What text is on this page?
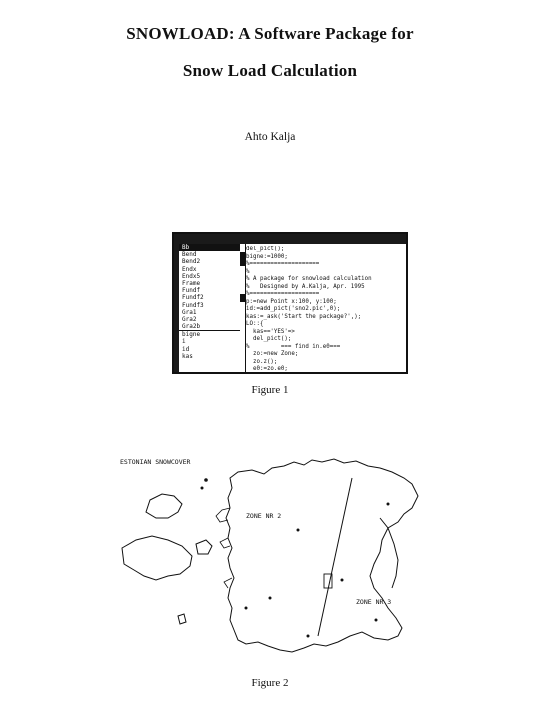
SNOWLOAD: A Software Package for
Snow Load Calculation
Ahto Kalja
Bb
Bend
Bend2
Endx
Endx5
Frame
Fundf
Fundf2
Fundf3
Gra1
Gra2
Gra2b
bigne
i
id
kas
del_pict();
bigne:=1000;
%====================
%
% A package for snowload calculation
%   Designed by A.Kalja, Apr. 1995
%====================
p:=new Point x:100, y:100;
id:=add_pict('sno2.pic',0);
kas:=_ask('Start the package?',);
LO::{
kas=='YES'=>
del_pict();
%         === find in.e0===
zo:=new Zone;
zo.z();
e0:=zo.e0;
Figure 1
ESTONIAN SNOWCOVER
ZONE NR 2
ZONE NR 3
Figure 2
